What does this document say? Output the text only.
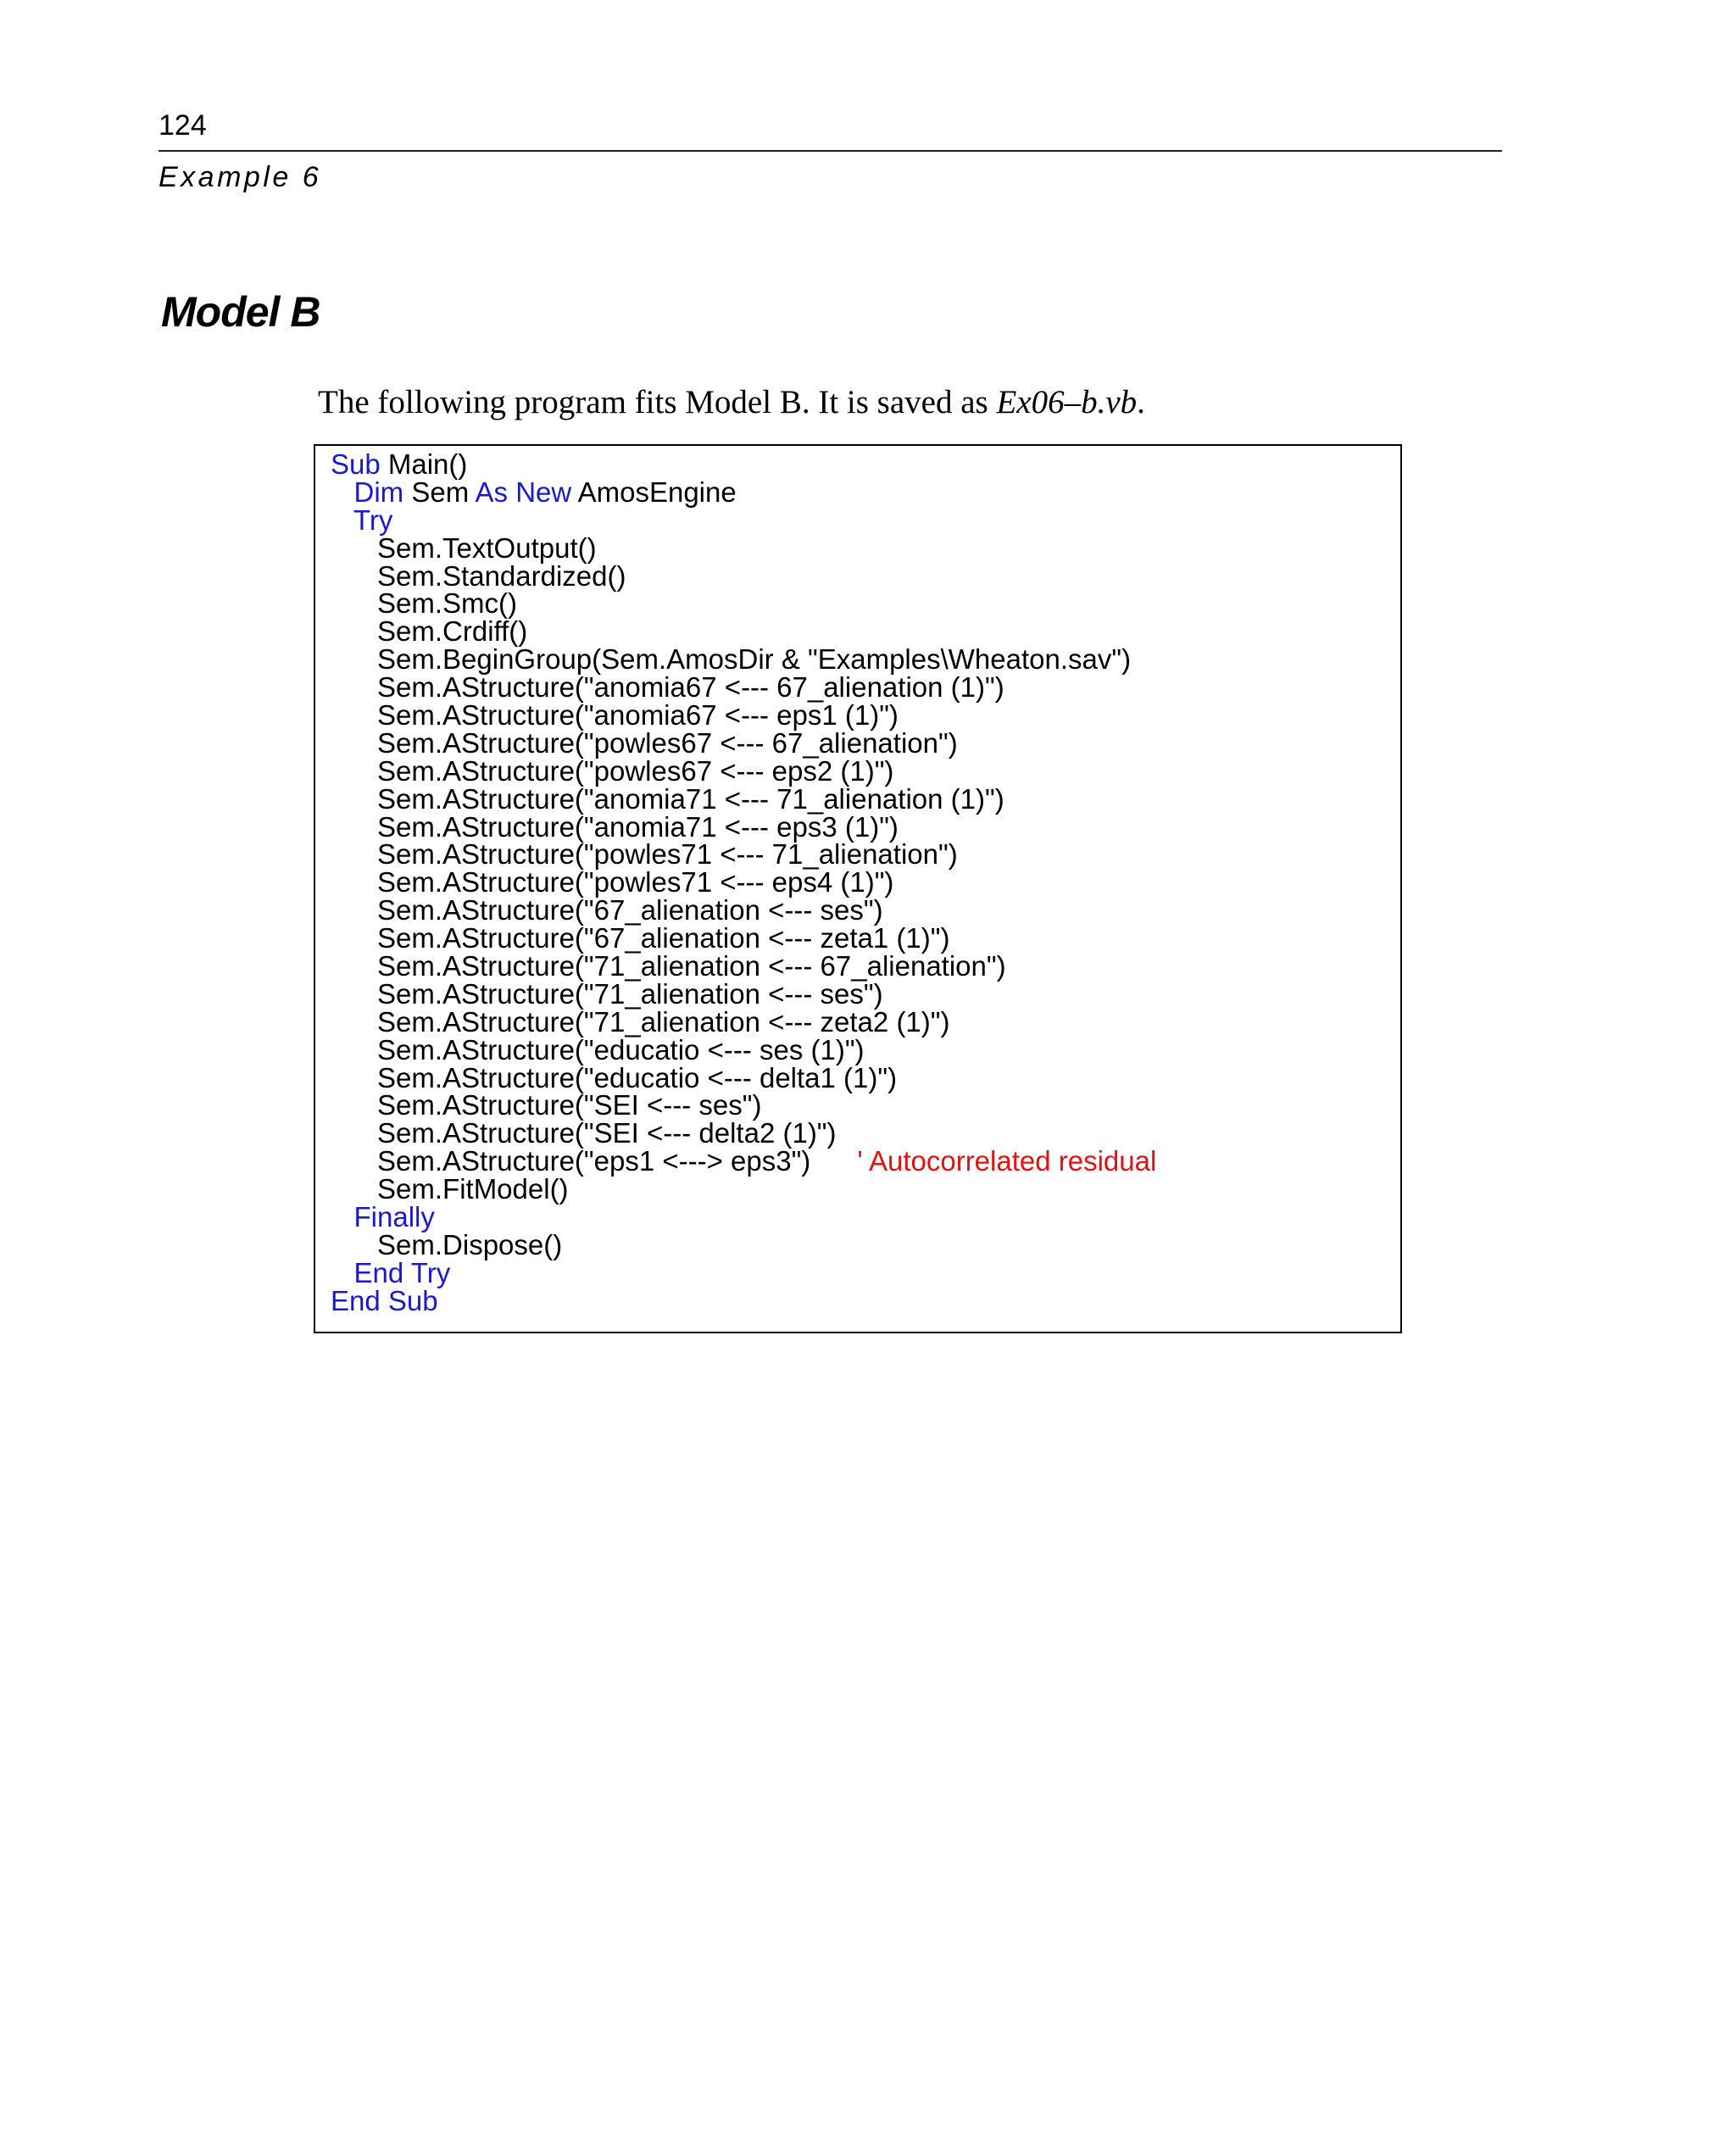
124
Example 6
Model B
The following program fits Model B. It is saved as Ex06–b.vb.
Sub Main()
Dim Sem As New AmosEngine
Try
Sem.TextOutput()
Sem.Standardized()
Sem.Smc()
Sem.Crdiff()
Sem.BeginGroup(Sem.AmosDir & "Examples\Wheaton.sav")
Sem.AStructure("anomia67 <--- 67_alienation (1)")
Sem.AStructure("anomia67 <--- eps1 (1)")
Sem.AStructure("powles67 <--- 67_alienation")
Sem.AStructure("powles67 <--- eps2 (1)")
Sem.AStructure("anomia71 <--- 71_alienation (1)")
Sem.AStructure("anomia71 <--- eps3 (1)")
Sem.AStructure("powles71 <--- 71_alienation")
Sem.AStructure("powles71 <--- eps4 (1)")
Sem.AStructure("67_alienation <--- ses")
Sem.AStructure("67_alienation <--- zeta1 (1)")
Sem.AStructure("71_alienation <--- 67_alienation")
Sem.AStructure("71_alienation <--- ses")
Sem.AStructure("71_alienation <--- zeta2 (1)")
Sem.AStructure("educatio <--- ses (1)")
Sem.AStructure("educatio <--- delta1 (1)")
Sem.AStructure("SEI <--- ses")
Sem.AStructure("SEI <--- delta2 (1)")
Sem.AStructure("eps1 <---> eps3")      ' Autocorrelated residual
Sem.FitModel()
Finally
Sem.Dispose()
End Try
End Sub
